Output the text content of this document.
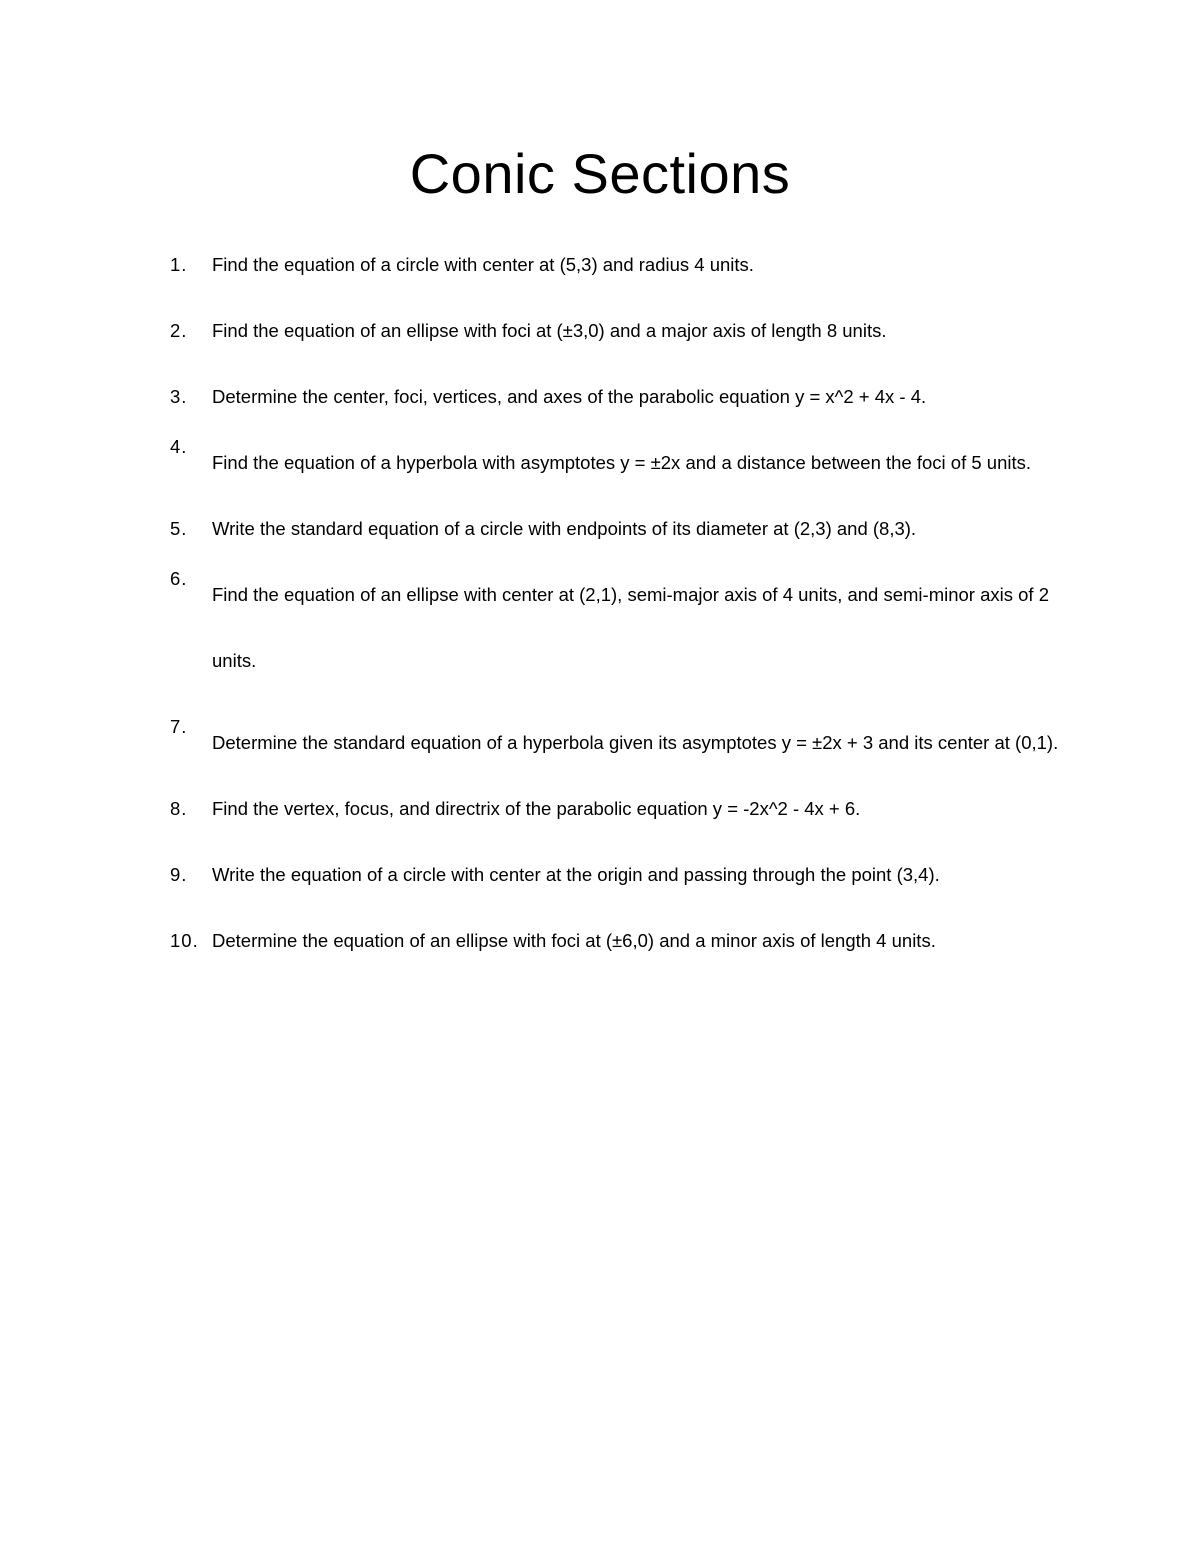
Conic Sections
1.	Find the equation of a circle with center at (5,3) and radius 4 units.
2.	Find the equation of an ellipse with foci at (±3,0) and a major axis of length 8 units.
3.	Determine the center, foci, vertices, and axes of the parabolic equation y = x^2 + 4x - 4.
4.
Find the equation of a hyperbola with asymptotes y = ±2x and a distance between the foci of 5 units.
5.	Write the standard equation of a circle with endpoints of its diameter at (2,3) and (8,3).
6.
Find the equation of an ellipse with center at (2,1), semi-major axis of 4 units, and semi-minor axis of 2 units.
7.
Determine the standard equation of a hyperbola given its asymptotes y = ±2x + 3 and its center at (0,1).
8.	Find the vertex, focus, and directrix of the parabolic equation y = -2x^2 - 4x + 6.
9.	Write the equation of a circle with center at the origin and passing through the point (3,4).
10. Determine the equation of an ellipse with foci at (±6,0) and a minor axis of length 4 units.
